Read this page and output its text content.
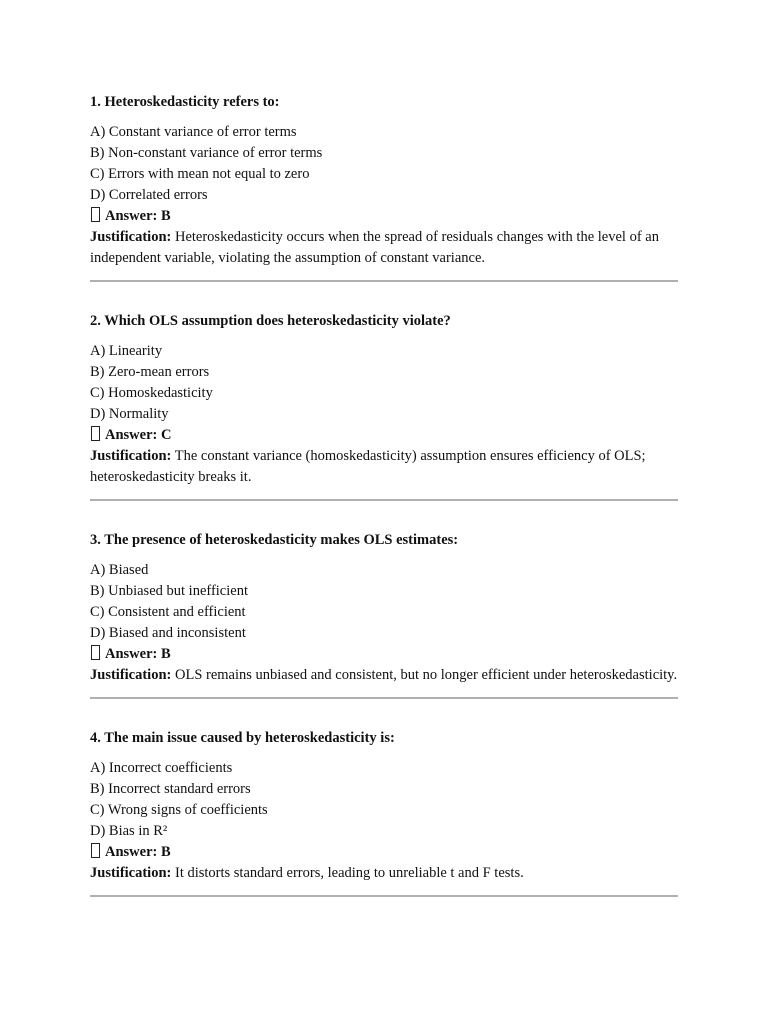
1. Heteroskedasticity refers to:
A) Constant variance of error terms
B) Non-constant variance of error terms
C) Errors with mean not equal to zero
D) Correlated errors
Answer: B
Justification: Heteroskedasticity occurs when the spread of residuals changes with the level of an independent variable, violating the assumption of constant variance.
2. Which OLS assumption does heteroskedasticity violate?
A) Linearity
B) Zero-mean errors
C) Homoskedasticity
D) Normality
Answer: C
Justification: The constant variance (homoskedasticity) assumption ensures efficiency of OLS; heteroskedasticity breaks it.
3. The presence of heteroskedasticity makes OLS estimates:
A) Biased
B) Unbiased but inefficient
C) Consistent and efficient
D) Biased and inconsistent
Answer: B
Justification: OLS remains unbiased and consistent, but no longer efficient under heteroskedasticity.
4. The main issue caused by heteroskedasticity is:
A) Incorrect coefficients
B) Incorrect standard errors
C) Wrong signs of coefficients
D) Bias in R²
Answer: B
Justification: It distorts standard errors, leading to unreliable t and F tests.
